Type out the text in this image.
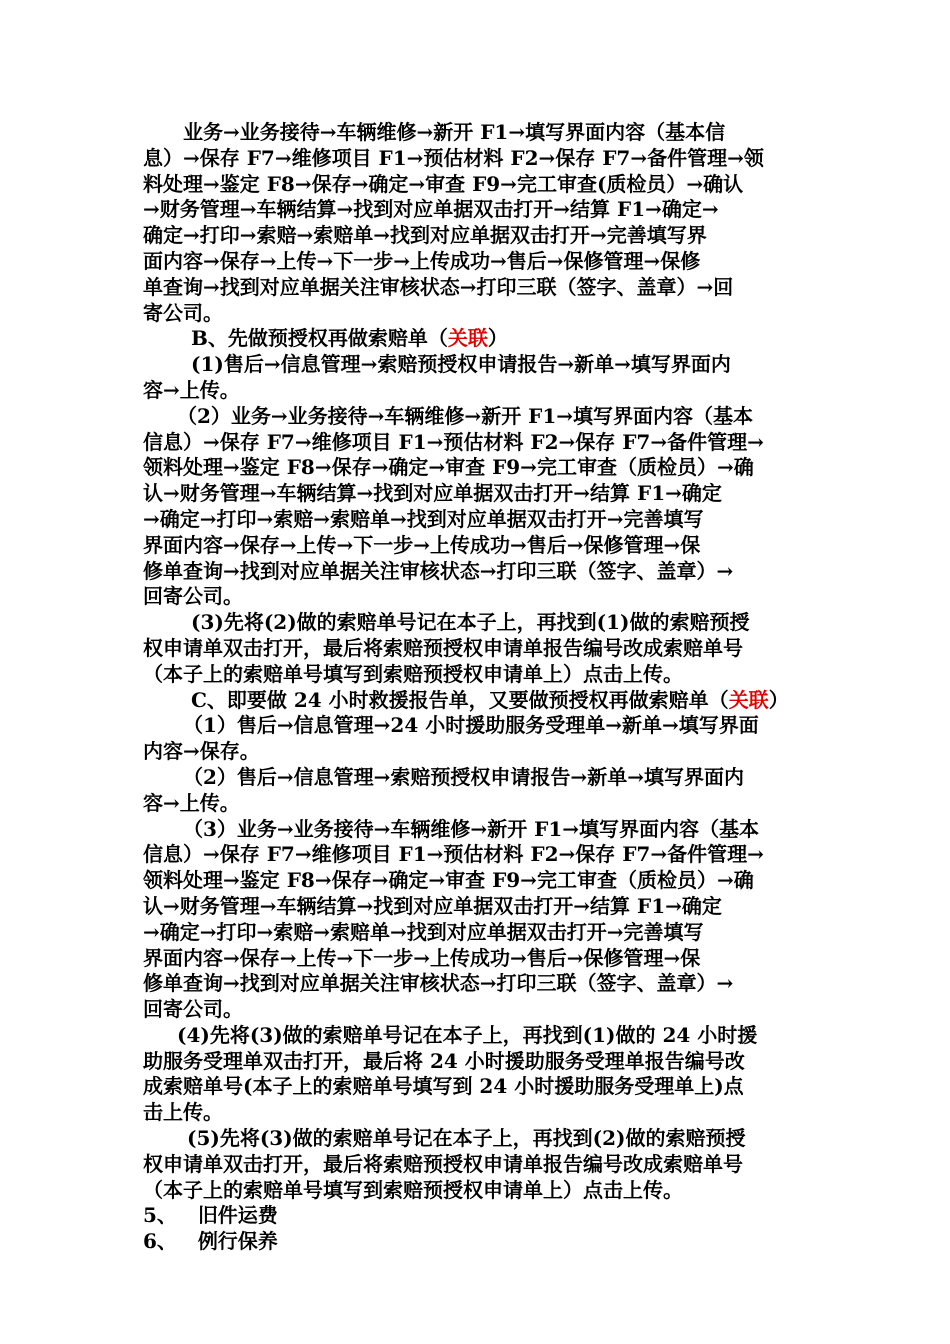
业务→业务接待→车辆维修→新开 F1→填写界面内容（基本信
息）→保存 F7→维修项目 F1→预估材料 F2→保存 F7→备件管理→领
料处理→鉴定 F8→保存→确定→审查 F9→完工审查(质检员）→确认
→财务管理→车辆结算→找到对应单据双击打开→结算 F1→确定→
确定→打印→索赔→索赔单→找到对应单据双击打开→完善填写界
面内容→保存→上传→下一步→上传成功→售后→保修管理→保修
单查询→找到对应单据关注审核状态→打印三联（签字、盖章）→回
寄公司。
B、先做预授权再做索赔单（关联）
(1)售后→信息管理→索赔预授权申请报告→新单→填写界面内
容→上传。
（2）业务→业务接待→车辆维修→新开 F1→填写界面内容（基本
信息）→保存 F7→维修项目 F1→预估材料 F2→保存 F7→备件管理→
领料处理→鉴定 F8→保存→确定→审查 F9→完工审查（质检员）→确
认→财务管理→车辆结算→找到对应单据双击打开→结算 F1→确定
→确定→打印→索赔→索赔单→找到对应单据双击打开→完善填写
界面内容→保存→上传→下一步→上传成功→售后→保修管理→保
修单查询→找到对应单据关注审核状态→打印三联（签字、盖章）→
回寄公司。
(3)先将(2)做的索赔单号记在本子上，再找到(1)做的索赔预授
权申请单双击打开，最后将索赔预授权申请单报告编号改成索赔单号
（本子上的索赔单号填写到索赔预授权申请单上）点击上传。
C、即要做 24 小时救援报告单，又要做预授权再做索赔单（关联）
（1）售后→信息管理→24 小时援助服务受理单→新单→填写界面
内容→保存。
（2）售后→信息管理→索赔预授权申请报告→新单→填写界面内
容→上传。
（3）业务→业务接待→车辆维修→新开 F1→填写界面内容（基本
信息）→保存 F7→维修项目 F1→预估材料 F2→保存 F7→备件管理→
领料处理→鉴定 F8→保存→确定→审查 F9→完工审查（质检员）→确
认→财务管理→车辆结算→找到对应单据双击打开→结算 F1→确定
→确定→打印→索赔→索赔单→找到对应单据双击打开→完善填写
界面内容→保存→上传→下一步→上传成功→售后→保修管理→保
修单查询→找到对应单据关注审核状态→打印三联（签字、盖章）→
回寄公司。
(4)先将(3)做的索赔单号记在本子上，再找到(1)做的 24 小时援
助服务受理单双击打开，最后将 24 小时援助服务受理单报告编号改
成索赔单号(本子上的索赔单号填写到 24 小时援助服务受理单上)点
击上传。
(5)先将(3)做的索赔单号记在本子上，再找到(2)做的索赔预授
权申请单双击打开，最后将索赔预授权申请单报告编号改成索赔单号
（本子上的索赔单号填写到索赔预授权申请单上）点击上传。
5、 旧件运费
6、 例行保养
